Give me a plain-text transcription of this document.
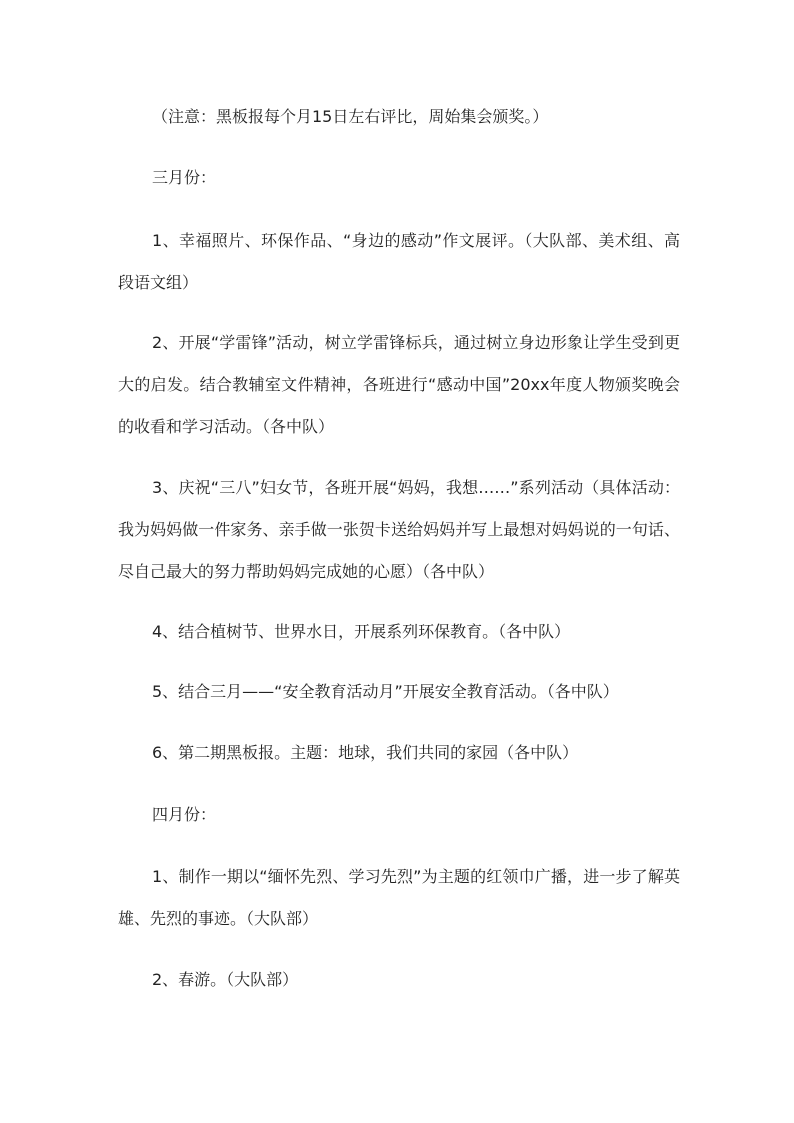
（注意：黑板报每个月15日左右评比，周始集会颁奖。）

三月份：

1、幸福照片、环保作品、“身边的感动”作文展评。（大队部、美术组、高段语文组）

2、开展“学雷锋”活动，树立学雷锋标兵，通过树立身边形象让学生受到更大的启发。结合教辅室文件精神，各班进行“感动中国”20xx年度人物颁奖晚会的收看和学习活动。（各中队）

3、庆祝“三八”妇女节，各班开展“妈妈，我想……”系列活动（具体活动：我为妈妈做一件家务、亲手做一张贺卡送给妈妈并写上最想对妈妈说的一句话、尽自己最大的努力帮助妈妈完成她的心愿）（各中队）

4、结合植树节、世界水日，开展系列环保教育。（各中队）

5、结合三月——“安全教育活动月”开展安全教育活动。（各中队）

6、第二期黑板报。主题：地球，我们共同的家园（各中队）

四月份：

1、制作一期以“缅怀先烈、学习先烈”为主题的红领巾广播，进一步了解英雄、先烈的事迹。（大队部）

2、春游。（大队部）
